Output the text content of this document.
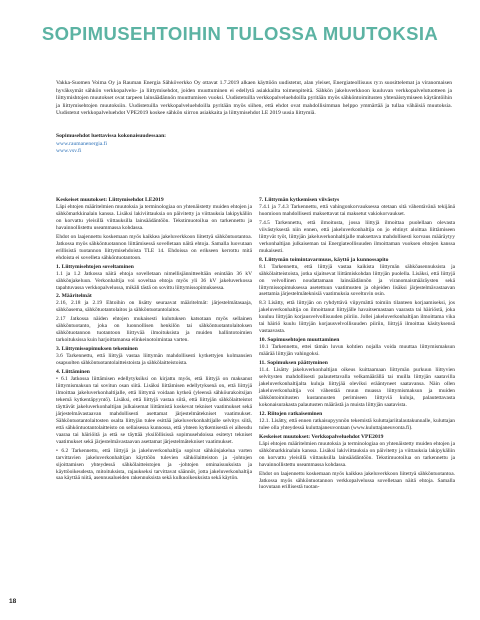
SOPIMUSEHTOIHIN TULOSSA MUUTOKSIA

Vakka-Suomen Voima Oy ja Rauman Energia Sähköverkko Oy ottavat 1.7.2019 alkaen käyttöön uudistetut, alan yleiset, Energiateollisuus ry:n suosittelemat ja viranomaisen hyväksymät sähkön verkkopalvelu- ja liittymisehdot, joiden muuttuminen ei edellytä asiakkailta toimenpiteitä. Sähkön jakeluverkkoon kuuluvan verkkopalvelutuotteen ja liittymishtojen muutokset ovat tarpeen lainsäädännön muuttumisen vuoksi. Uudistetuilla verkkopalveluehdoilla pyritään myös sähköntoimitusten yhtenäistymiseen käytäntöihin ja liittymisehtojen muutoksiin. Uudistetuilla verkkopalveluehdoilla pyritään myös siihen, että ehdot ovat mahdollisimman helppo ymmärtää ja tullaa vähäisiä muutoksia. Uudistetut verkkopalveluehdot VPE2019 koskee sähkön siirron asiakkaita ja liittymisehdot LE 2019 uusia liittymiä.

Sopimusehdot luettavissa kokonaisuudessaan:

www.raumanenergia.fi
www.vsv.fi
Keskeiset muutokset: Liittymisehdot LE2019

Läpi ehtojen määritelmien muutoksia ja terminologiaa on yhtenäistetty muiden ehtojen ja sähkömarkkinalain kanssa. Lisäksi lakiviittauksia on päivitetty ja viittauksia lakipykäliin on korvattu yleisillä viittauksilla lainsäädäntöön. Tekstimuotoilua on tarkennettu ja havainnollistettu useammassa kohdassa.

Ehdot on laajennettu koskemaan myös kaikkea jakeluverkkoon liitettyä sähköntuotantoa. Jatkossa myös sähköntuotannon liittämisessä sovelletaan näitä ehtoja. Samalla luovutaan erillisistä tuotannon liittymisehdoista TLE 14. Ehdoissa on erikseen kerrottu mitä ehdoista ei sovelleta sähköntuotantoon.

1. Liittymisehtojen soveltaminen

1.1 ja 1.2 Jatkossa näitä ehtoja sovelletaan nimellisjännitteeltään enintään 36 kV sähkönjakeluun. Verkonhaltija voi soveltaa ehtoja myös yli 36 kV jakeluverkossa tapahtuvassa verkkopalvelussa, mikäli tästä on sovittu liittymissopimuksessa.

2. Määritelmät

2.16, 2.18 ja 2.19 Ehtoihin on lisätty seuraavat määritelmät: järjestelmätasaaja, sähköasema, sähkötuotantolaitos ja sähköntuotantolaitos.

2.17 Jatkossa näiden ehtojen mukaisesti kulutuksen katsotaan myös sellainen sähköntuotanto, joka on luonnollisen henkilön tai sähköntuotantolaitoksen sähkötuotannon tuotantoon liittyvää ilmoituksista ja muiden hallintotoimien tarkoituksissa kuin harjoittamansa elinkeinotoimintaa varten.

3. Liittymissopimuksen tekeminen

3.6 Tarkennettu, että liittyjä vastaa liittymän mahdollisesti kytkettyjen kolmansien osapuolten sähköntuotantolaitteistoista ja sähkölaitteistoista.

4. Liittäminen

• 6.1 Jatkossa liittämisen edellytyksiksi on kirjattu myös, että liittyjä on maksanut liittymismaksun tai sovitun osan siitä. Lisäksi liittämisen edellytyksenä on, että liittyjä ilmoittaa jakeluverkonhaltijalle, että liittymä voidaan kytkeä (yleensä sähköurakoitsijan tekemä kytkentäpyyntö). Lisäksi, että liittyjä vastaa siitä, että liittyjän sähkölaitteistot täyttävät jakeluverkonhaltijan julkaisemat liittämistä koskevat tekniset vaatimukset sekä järjestelmävastaavan mahdollisesti asettamat järjestelmätekniset vaatimukset. Sähköntuotantolaitosten osalta liittyjän tulee esittää jakeluverkonhaltijalle selvitys siitä, että sähköntuotantolaitteisto on sellaisessa kunnossa, että yhteen kytkemisestä ei aiheudu vaaraa tai häiriöitä ja että se täyttää yksilöllisissä sopimusehdoissa esitetyt tekniset vaatimukset sekä järjestelmävastaavan asettamat järjestelmätekniset vaatimukset.

• 6.2 Tarkennettu, että liittyjä ja jakeluverkonhaltija sopivat sähkönjakelua varten tarvittavien jakeluverkonhaltijan käyttöön tulevien sähkölaitteiston ja -johtojen sijoittamisen yhteydessä sähkölaitteistojen ja -johtojen ominaisuuksista ja käyttöoikeudesta, mitoituksista, rajaukseksi tarvittavat säännöt, jotta jakeluverkonhaltija saa käyttää niitä, asennusalueiden rakennuksista sekä kulkuoikeuksista sekä käytön.

7. Liittymän kytkemisen viivästys

7.4.1 ja 7.4.3 Tarkennettu, että vahingonkorvauksessa otetaan sitä vähentävänä tekijänä huomioon mahdollisesti maksettavat tai maksetut vakiokorvaukset.

7.4.5 Tarkennettu, että ilmoitusta, jossa liittyjä ilmoittaa puolellaan olevasta viivästyksestä niin ennen, että jakeluverkonhaltija on jo ehtinyt aloittaa liittämiseen liittyvät työt, liittyjän jakeluverkonhaltijalle maksettava mahdollisesti korvaus määräytyy verkonhaltijan julkaiseman tai Energiateollisuuden ilmoittaman vuoksen ehtojen kanssa mukaisesti.

8. Liittymän toimintavarmuus, käyttö ja kunnossapito

8.1 Tarkennettu, että liittyjä vastaa kaikista liittymän sähköasennuksista ja sähkölaitteistoista, jotka sijaitsevat liittämiskohdan liittyjän puolella. Lisäksi, että liittyjä on velvollinen noudattamaan lainsäädännön ja viranomaismääräysten sekä liittymissopimuksessa asetettuun vaatimusten ja ohjeiden lisäksi järjestelmävastaavan asettamia järjestelmäteknisiä vaatimuksia soveltuvin osin.

8.3 Lisätty, että liittyjän on ryhdyttävä viipymättä toimiin tilanteen korjaamiseksi, jos jakeluverkonhaltija on ilmoittanut liittyjälle havaitsemastaan vaarasta tai häiriöstä, joka kuuluu liittyjän korjausvelvollisuuden piiriin. Jollei jakeluverkonhaltijan ilmoittama vika tai häiriö kuulu liittyjän korjausvelvollisuuden piiriin, liittyjä ilmoittaa käsityksensä vastaavasta.

10. Sopimusehtojen muuttaminen

10.1 Tarkennettu, ettei tämän luvun kohtien nojalla voida muuttaa liittymismaksun määrää liittyjän vahingoksi.

11. Sopimuksen päättyminen

11.4. Lisätty jakeluverkonhaltijan oikeus kuittaamaan liittymän purkuun liittyvien selvitysten mahdollisesti palautettavalla velkamäärällä tai muilla liittyjän saatavilla jakeluverkonhaltijalta kuluja liittyjää oleviksi erääntyneet saatavansa. Näin ollen jakeluverkonhaltija voi vähentää muun muassa liittymismaksun ja muiden sähköntoimitusten kustannusten perimiseen liittyviä kuluja, palautettavasta kokonaisurakasta palautusten määrästä ja muista liittyjän saatavista.

12. Riitojen ratkaiseminen

12.1. Lisätty, että ennen ratkaisupyynnön tekemistä kuluttajariitalautakunnalle, kuluttajan tulee olla yhteydessä kuluttajaneuvontaan (www.kuluttajaneuvonta.fi).

Keskeiset muutokset: Verkkopalveluehdot VPE2019

Läpi ehtojen määritelmien muutoksia ja terminologiaa on yhtenäistetty muiden ehtojen ja sähkömarkkinalain kanssa. Lisäksi lakiviittauksia on päivitetty ja viittauksia lakipykäliin on korvattu yleisillä viittauksilla lainsäädäntöön. Tekstimuotoilua on tarkennettu ja havainnollistettu useammassa kohdassa.

Ehdot on laajennettu koskemaan myös kaikkea jakeluverkkoon liitettyä sähköntuotantoa. Jatkossa myös sähköntuotannon verkkopalvelussa sovelletaan näitä ehtoja. Samalla luovutaan erillisestä tuotan-

18
